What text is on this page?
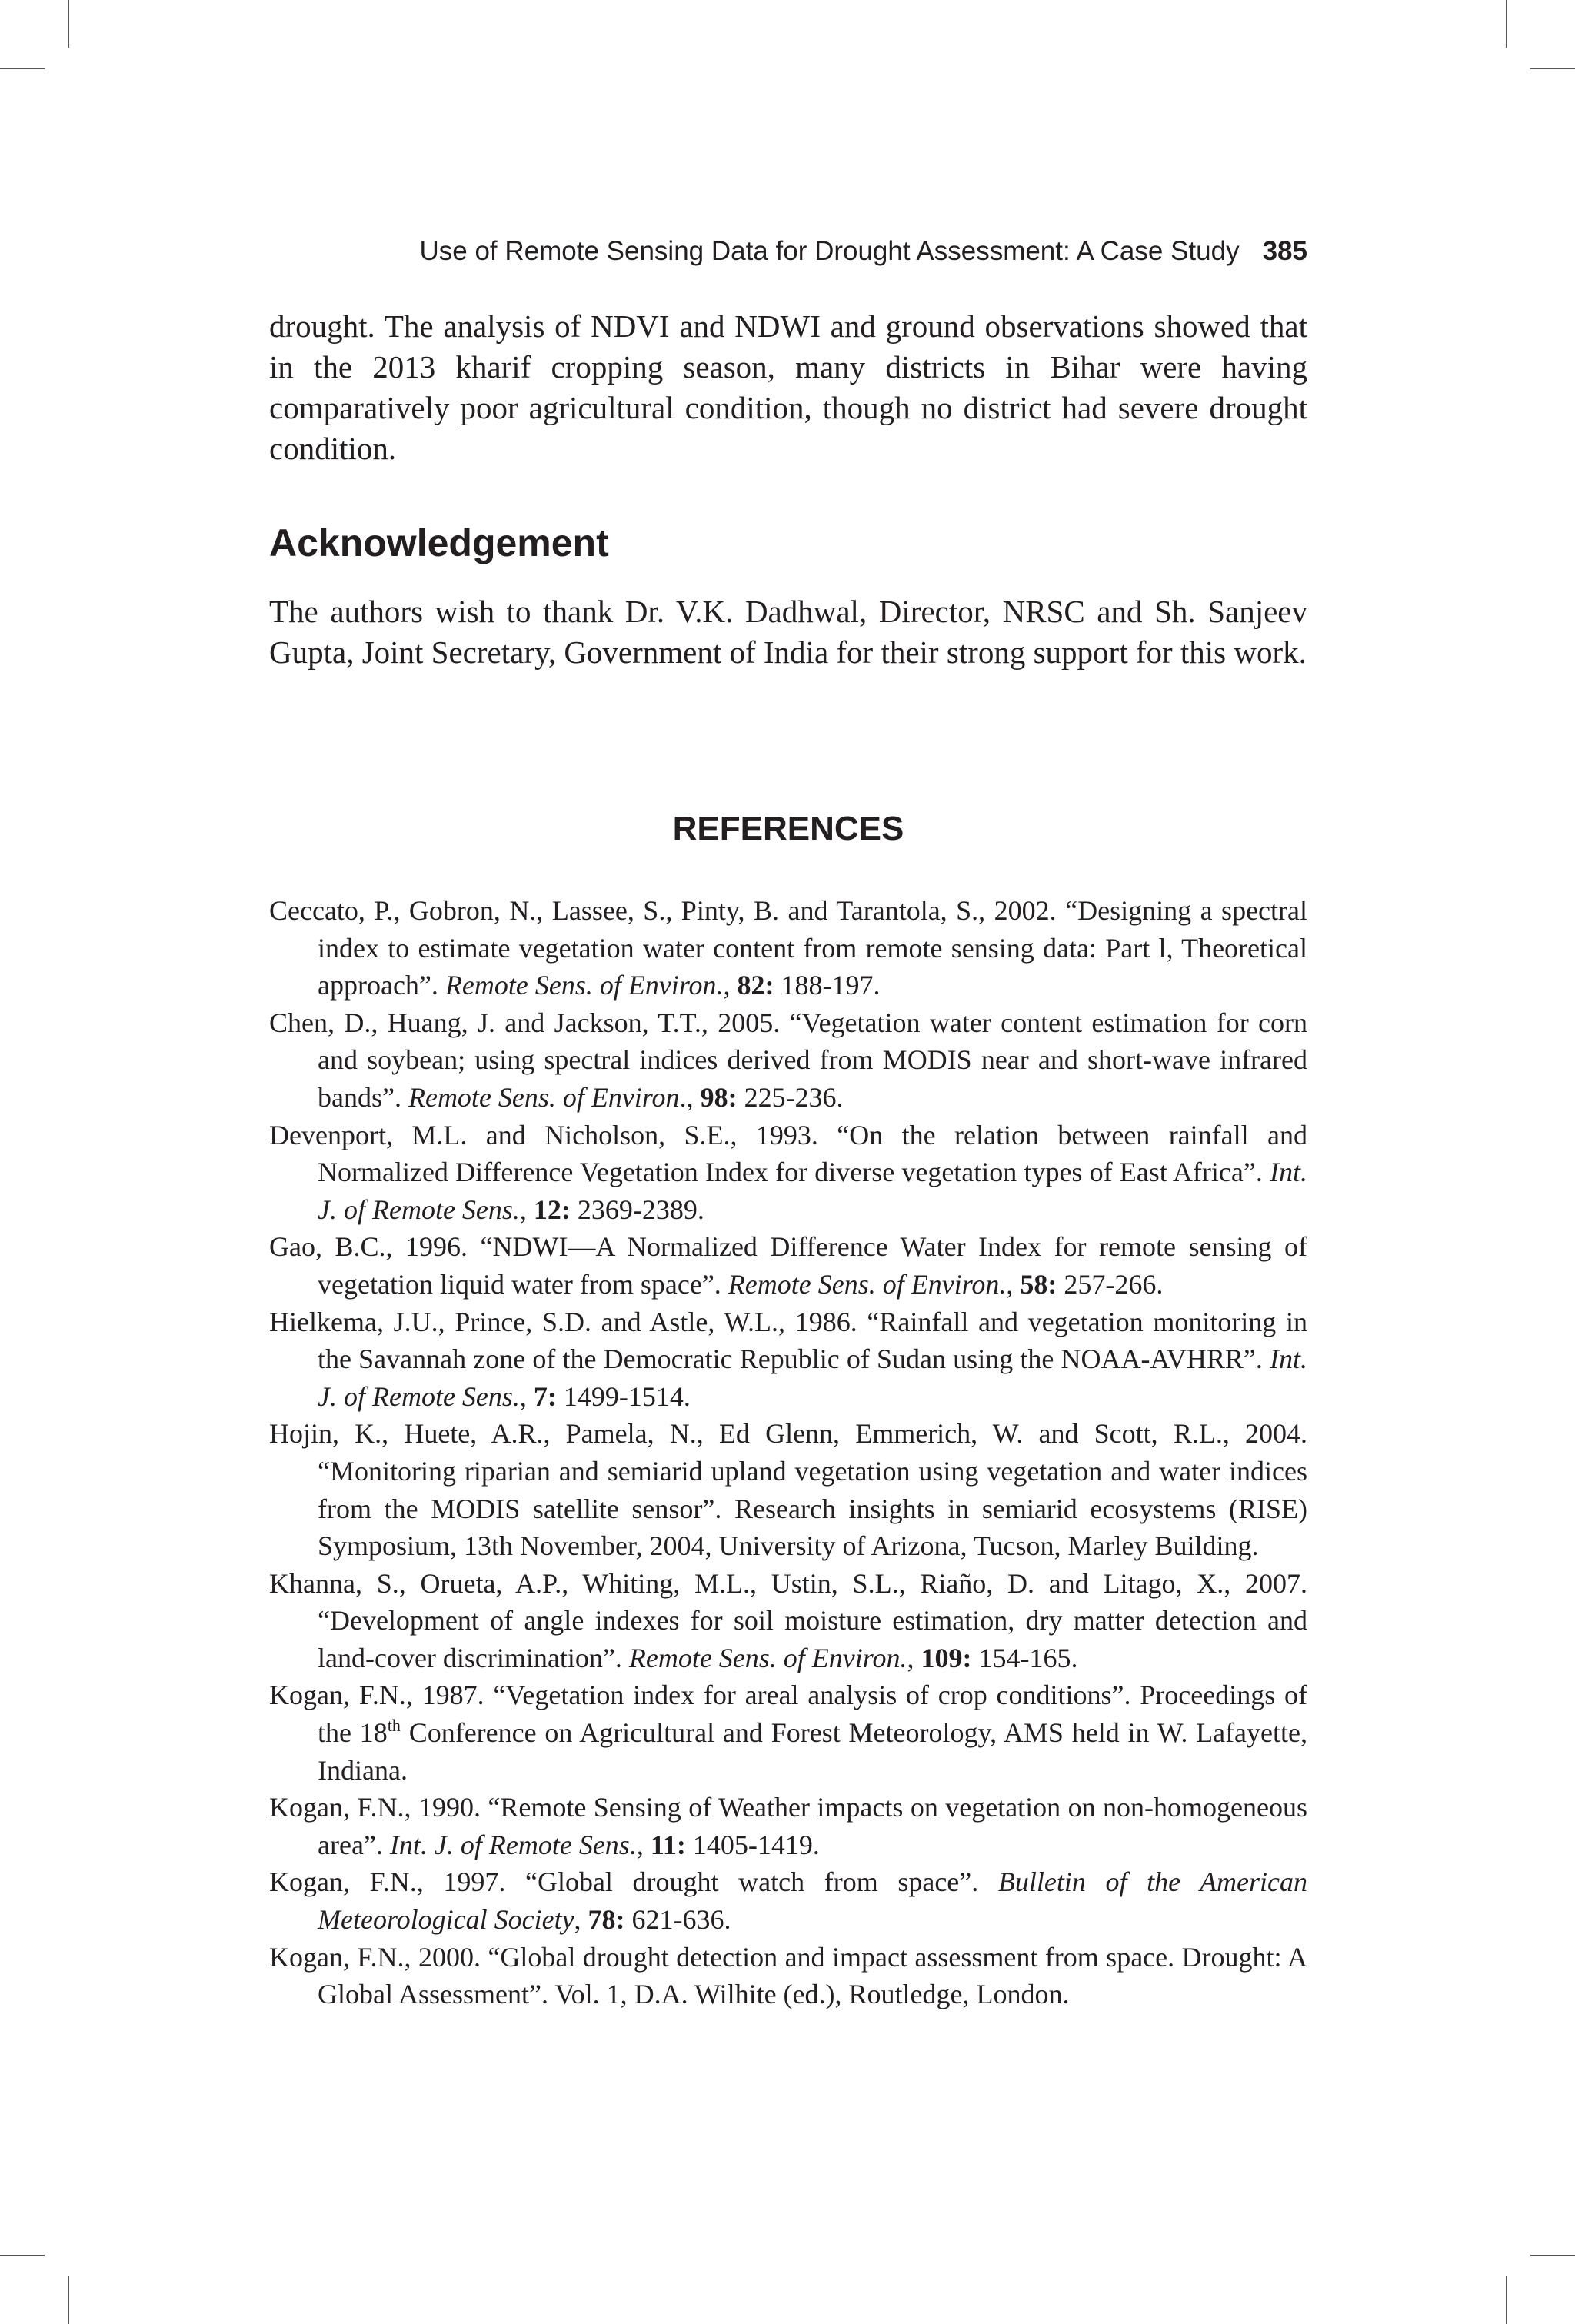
Use of Remote Sensing Data for Drought Assessment: A Case Study 385

drought. The analysis of NDVI and NDWI and ground observations showed that in the 2013 kharif cropping season, many districts in Bihar were having comparatively poor agricultural condition, though no district had severe drought condition.

Acknowledgement

The authors wish to thank Dr. V.K. Dadhwal, Director, NRSC and Sh. Sanjeev Gupta, Joint Secretary, Government of India for their strong support for this work.

REFERENCES
Ceccato, P., Gobron, N., Lassee, S., Pinty, B. and Tarantola, S., 2002. “Designing a spectral index to estimate vegetation water content from remote sensing data: Part l, Theoretical approach”. Remote Sens. of Environ., 82: 188-197.
Chen, D., Huang, J. and Jackson, T.T., 2005. “Vegetation water content estimation for corn and soybean; using spectral indices derived from MODIS near and short-wave infrared bands”. Remote Sens. of Environ., 98: 225-236.
Devenport, M.L. and Nicholson, S.E., 1993. “On the relation between rainfall and Normalized Difference Vegetation Index for diverse vegetation types of East Africa”. Int. J. of Remote Sens., 12: 2369-2389.
Gao, B.C., 1996. “NDWI—A Normalized Difference Water Index for remote sensing of vegetation liquid water from space”. Remote Sens. of Environ., 58: 257-266.
Hielkema, J.U., Prince, S.D. and Astle, W.L., 1986. “Rainfall and vegetation monitoring in the Savannah zone of the Democratic Republic of Sudan using the NOAA-AVHRR”. Int. J. of Remote Sens., 7: 1499-1514.
Hojin, K., Huete, A.R., Pamela, N., Ed Glenn, Emmerich, W. and Scott, R.L., 2004. “Monitoring riparian and semiarid upland vegetation using vegetation and water indices from the MODIS satellite sensor”. Research insights in semiarid ecosystems (RISE) Symposium, 13th November, 2004, University of Arizona, Tucson, Marley Building.
Khanna, S., Orueta, A.P., Whiting, M.L., Ustin, S.L., Riaño, D. and Litago, X., 2007. “Development of angle indexes for soil moisture estimation, dry matter detection and land-cover discrimination”. Remote Sens. of Environ., 109: 154-165.
Kogan, F.N., 1987. “Vegetation index for areal analysis of crop conditions”. Proceedings of the 18th Conference on Agricultural and Forest Meteorology, AMS held in W. Lafayette, Indiana.
Kogan, F.N., 1990. “Remote Sensing of Weather impacts on vegetation on non-homogeneous area”. Int. J. of Remote Sens., 11: 1405-1419.
Kogan, F.N., 1997. “Global drought watch from space”. Bulletin of the American Meteorological Society, 78: 621-636.
Kogan, F.N., 2000. “Global drought detection and impact assessment from space. Drought: A Global Assessment”. Vol. 1, D.A. Wilhite (ed.), Routledge, London.
